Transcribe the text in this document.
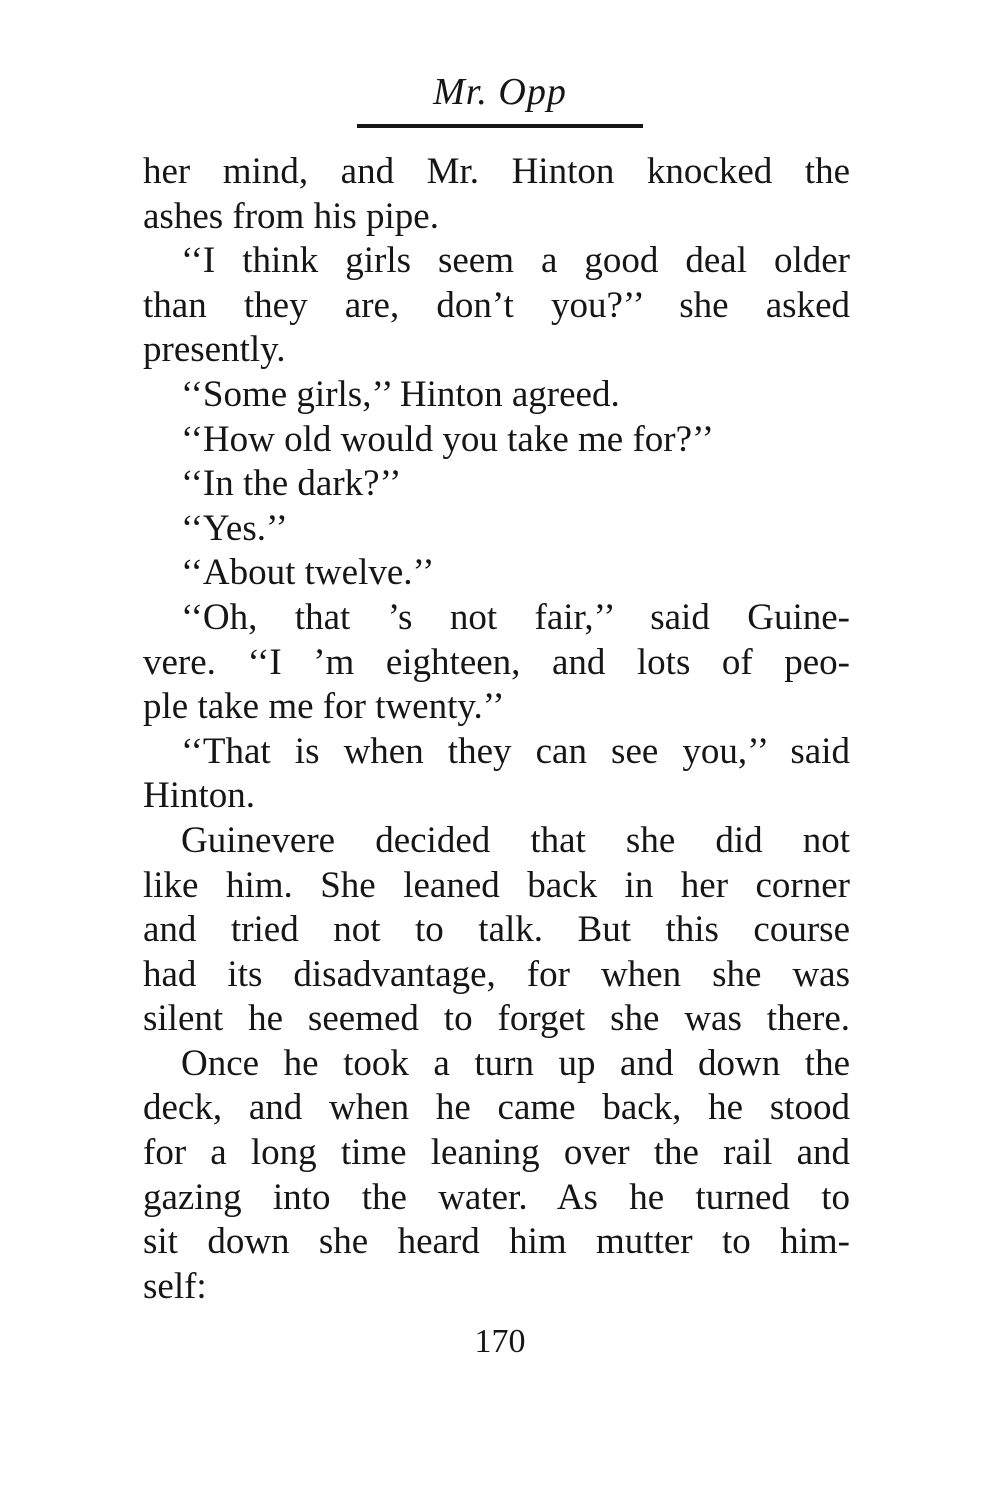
Mr. Opp
her mind, and Mr. Hinton knocked the
ashes from his pipe.
‘‘I think girls seem a good deal older
than they are, don’t you?’’ she asked
presently.
‘‘Some girls,’’ Hinton agreed.
‘‘How old would you take me for?’’
‘‘In the dark?’’
‘‘Yes.’’
‘‘About twelve.’’
‘‘Oh, that ’s not fair,’’ said Guine-
vere. ‘‘I ’m eighteen, and lots of peo-
ple take me for twenty.’’
‘‘That is when they can see you,’’ said
Hinton.
Guinevere decided that she did not
like him. She leaned back in her corner
and tried not to talk. But this course
had its disadvantage, for when she was
silent he seemed to forget she was there.
Once he took a turn up and down the
deck, and when he came back, he stood
for a long time leaning over the rail and
gazing into the water. As he turned to
sit down she heard him mutter to him-
self:
170
